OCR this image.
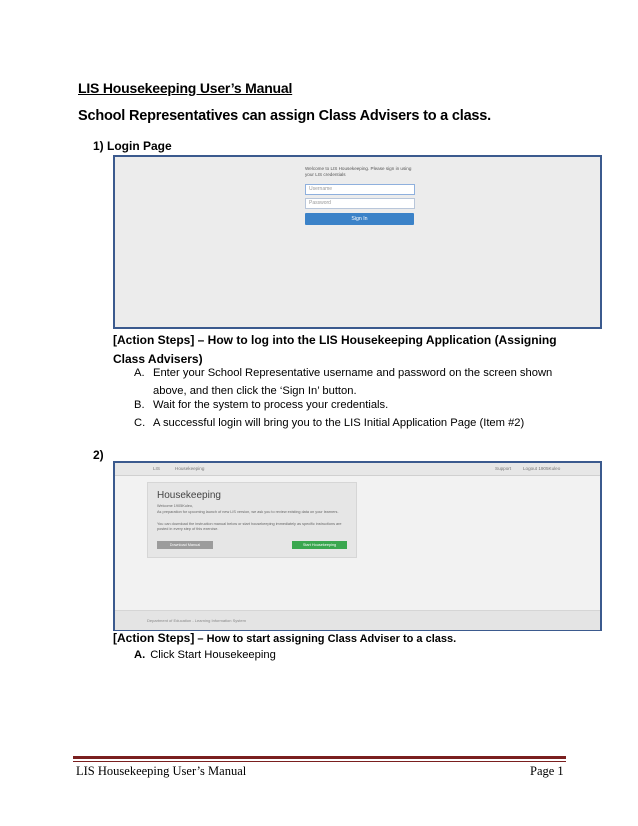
LIS Housekeeping User’s Manual
School Representatives can assign Class Advisers to a class.
1) Login Page
Welcome to LIS Housekeeping. Please sign in using your LIS credentials
Username
Password
Sign In
[Action Steps] – How to log into the LIS Housekeeping Application (Assigning Class Advisers)
A. Enter your School Representative username and password on the screen shown above, and then click the ‘Sign In’ button.
B. Wait for the system to process your credentials.
C. A successful login will bring you to the LIS Initial Application Page (Item #2)
2)
LIS	Housekeeping	Support	Logout 1905Kuleo
Housekeeping
Welcome 1905Kuleo,
As preparation for upcoming launch of new LIS version, we ask you to review existing data on your learners.
You can download the instruction manual below or start housekeeping immediately as specific instructions are posted in every step of this exercise.
Download Manual	Start Housekeeping
Department of Education - Learning Information System
[Action Steps] – How to start assigning Class Adviser to a class.
A. Click Start Housekeeping
LIS Housekeeping User’s Manual	Page 1
